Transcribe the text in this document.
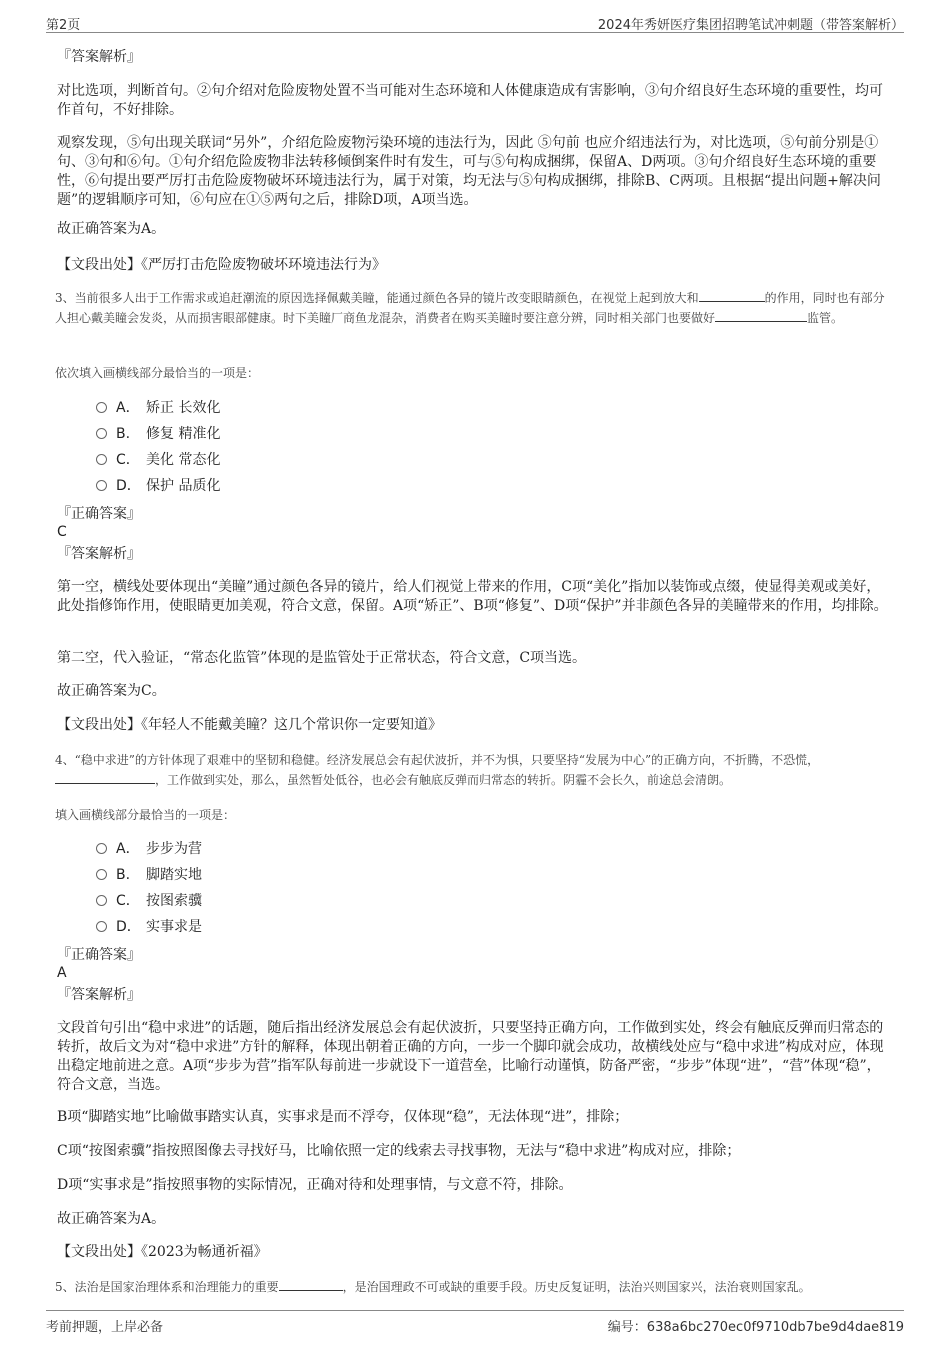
第2页	2024年秀妍医疗集团招聘笔试冲刺题（带答案解析）
『答案解析』
对比选项，判断首句。②句介绍对危险废物处置不当可能对生态环境和人体健康造成有害影响，③句介绍良好生态环境的重要性，均可作首句，不好排除。
观察发现，⑤句出现关联词“另外”，介绍危险废物污染环境的违法行为，因此 ⑤句前 也应介绍违法行为，对比选项，⑤句前分别是①句、③句和⑥句。①句介绍危险废物非法转移倾倒案件时有发生，可与⑤句构成捆绑，保留A、D两项。③句介绍良好生态环境的重要性，⑥句提出要严厉打击危险废物破坏环境违法行为，属于对策，均无法与⑤句构成捆绑，排除B、C两项。且根据“提出问题+解决问题”的逻辑顺序可知，⑥句应在①⑤两句之后，排除D项，A项当选。
故正确答案为A。
【文段出处】《严厉打击危险废物破坏环境违法行为》
3、当前很多人出于工作需求或追赶潮流的原因选择佩戴美瞳，能通过颜色各异的镜片改变眼睛颜色，在视觉上起到放大和	的作用，同时也有部分人担心戴美瞳会发炎，从而损害眼部健康。时下美瞳厂商鱼龙混杂，消费者在购买美瞳时要注意分辨，同时相关部门也要做好	监管。
依次填入画横线部分最恰当的一项是：
A． 矫正 长效化
B. 修复 精准化
C． 美化 常态化
D． 保护 品质化
『正确答案』
C
『答案解析』
第一空，横线处要体现出“美瞳”通过颜色各异的镜片，给人们视觉上带来的作用，C项“美化”指加以装饰或点缀，使显得美观或美好，此处指修饰作用，使眼睛更加美观，符合文意，保留。A项“矫正”、B项“修复”、D项“保护”并非颜色各异的美瞳带来的作用，均排除。
第二空，代入验证，“常态化监管”体现的是监管处于正常状态，符合文意，C项当选。
故正确答案为C。
【文段出处】《年轻人不能戴美瞳？这几个常识你一定要知道》
4、“稳中求进”的方针体现了艰难中的坚韧和稳健。经济发展总会有起伏波折，并不为惧，只要坚持“发展为中心”的正确方向，不折腾，不恐慌，，工作做到实处，那么，虽然暂处低谷，也必会有触底反弹而归常态的转折。阴霾不会长久，前途总会清朗。
填入画横线部分最恰当的一项是：
A． 步步为营
B. 脚踏实地
C． 按图索骥
D． 实事求是
『正确答案』
A
『答案解析』
文段首句引出“稳中求进”的话题，随后指出经济发展总会有起伏波折，只要坚持正确方向，工作做到实处，终会有触底反弹而归常态的转折，故后文为对“稳中求进”方针的解释，体现出朝着正确的方向，一步一个脚印就会成功，故横线处应与“稳中求进”构成对应，体现出稳定地前进之意。A项“步步为营”指军队每前进一步就设下一道营垒，比喻行动谨慎，防备严密，“步步”体现“进”，“营”体现“稳”，符合文意，当选。
B项“脚踏实地”比喻做事踏实认真，实事求是而不浮夸，仅体现“稳”，无法体现“进”，排除；
C项“按图索骥”指按照图像去寻找好马，比喻依照一定的线索去寻找事物，无法与“稳中求进”构成对应，排除；
D项“实事求是”指按照事物的实际情况，正确对待和处理事情，与文意不符，排除。
故正确答案为A。
【文段出处】《2023为畅通祈福》
5、法治是国家治理体系和治理能力的重要	，是治国理政不可或缺的重要手段。历史反复证明，法治兴则国家兴，法治衰则国家乱。
考前押题，上岸必备	编号：638a6bc270ec0f9710db7be9d4dae819
